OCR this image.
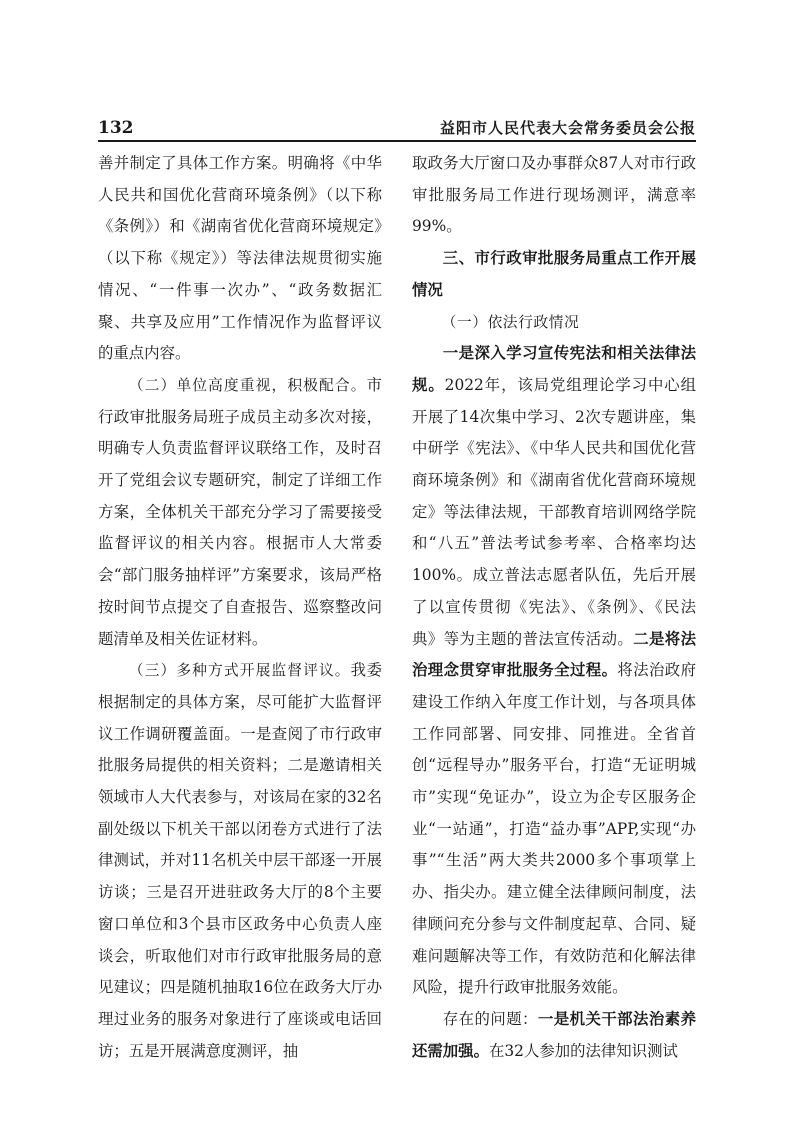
132	益阳市人民代表大会常务委员会公报

善并制定了具体工作方案。明确将《中华人民共和国优化营商环境条例》（以下称《条例》）和《湖南省优化营商环境规定》（以下称《规定》）等法律法规贯彻实施情况、“一件事一次办”、“政务数据汇聚、共享及应用”工作情况作为监督评议的重点内容。

（二）单位高度重视，积极配合。市行政审批服务局班子成员主动多次对接，明确专人负责监督评议联络工作，及时召开了党组会议专题研究，制定了详细工作方案，全体机关干部充分学习了需要接受监督评议的相关内容。根据市人大常委会“部门服务抽样评”方案要求，该局严格按时间节点提交了自查报告、巡察整改问题清单及相关佐证材料。

（三）多种方式开展监督评议。我委根据制定的具体方案，尽可能扩大监督评议工作调研覆盖面。一是查阅了市行政审批服务局提供的相关资料；二是邀请相关领域市人大代表参与，对该局在家的32名副处级以下机关干部以闭卷方式进行了法律测试，并对11名机关中层干部逐一开展访谈；三是召开进驻政务大厅的8个主要窗口单位和3个县市区政务中心负责人座谈会，听取他们对市行政审批服务局的意见建议；四是随机抽取16位在政务大厅办理过业务的服务对象进行了座谈或电话回访；五是开展满意度测评，抽

取政务大厅窗口及办事群众87人对市行政审批服务局工作进行现场测评，满意率99%。

三、市行政审批服务局重点工作开展情况

（一）依法行政情况

一是深入学习宣传宪法和相关法律法规。2022年，该局党组理论学习中心组开展了14次集中学习、2次专题讲座，集中研学《宪法》、《中华人民共和国优化营商环境条例》和《湖南省优化营商环境规定》等法律法规，干部教育培训网络学院和“八五”普法考试参考率、合格率均达100%。成立普法志愿者队伍，先后开展了以宣传贯彻《宪法》、《条例》、《民法典》等为主题的普法宣传活动。二是将法治理念贯穿审批服务全过程。将法治政府建设工作纳入年度工作计划，与各项具体工作同部署、同安排、同推进。全省首创“远程导办”服务平台，打造“无证明城市”实现“免证办”，设立为企专区服务企业“一站通”，打造“益办事”APP,实现“办事”“生活”两大类共2000多个事项掌上办、指尖办。建立健全法律顾问制度，法律顾问充分参与文件制度起草、合同、疑难问题解决等工作，有效防范和化解法律风险，提升行政审批服务效能。

存在的问题：一是机关干部法治素养还需加强。在32人参加的法律知识测试
